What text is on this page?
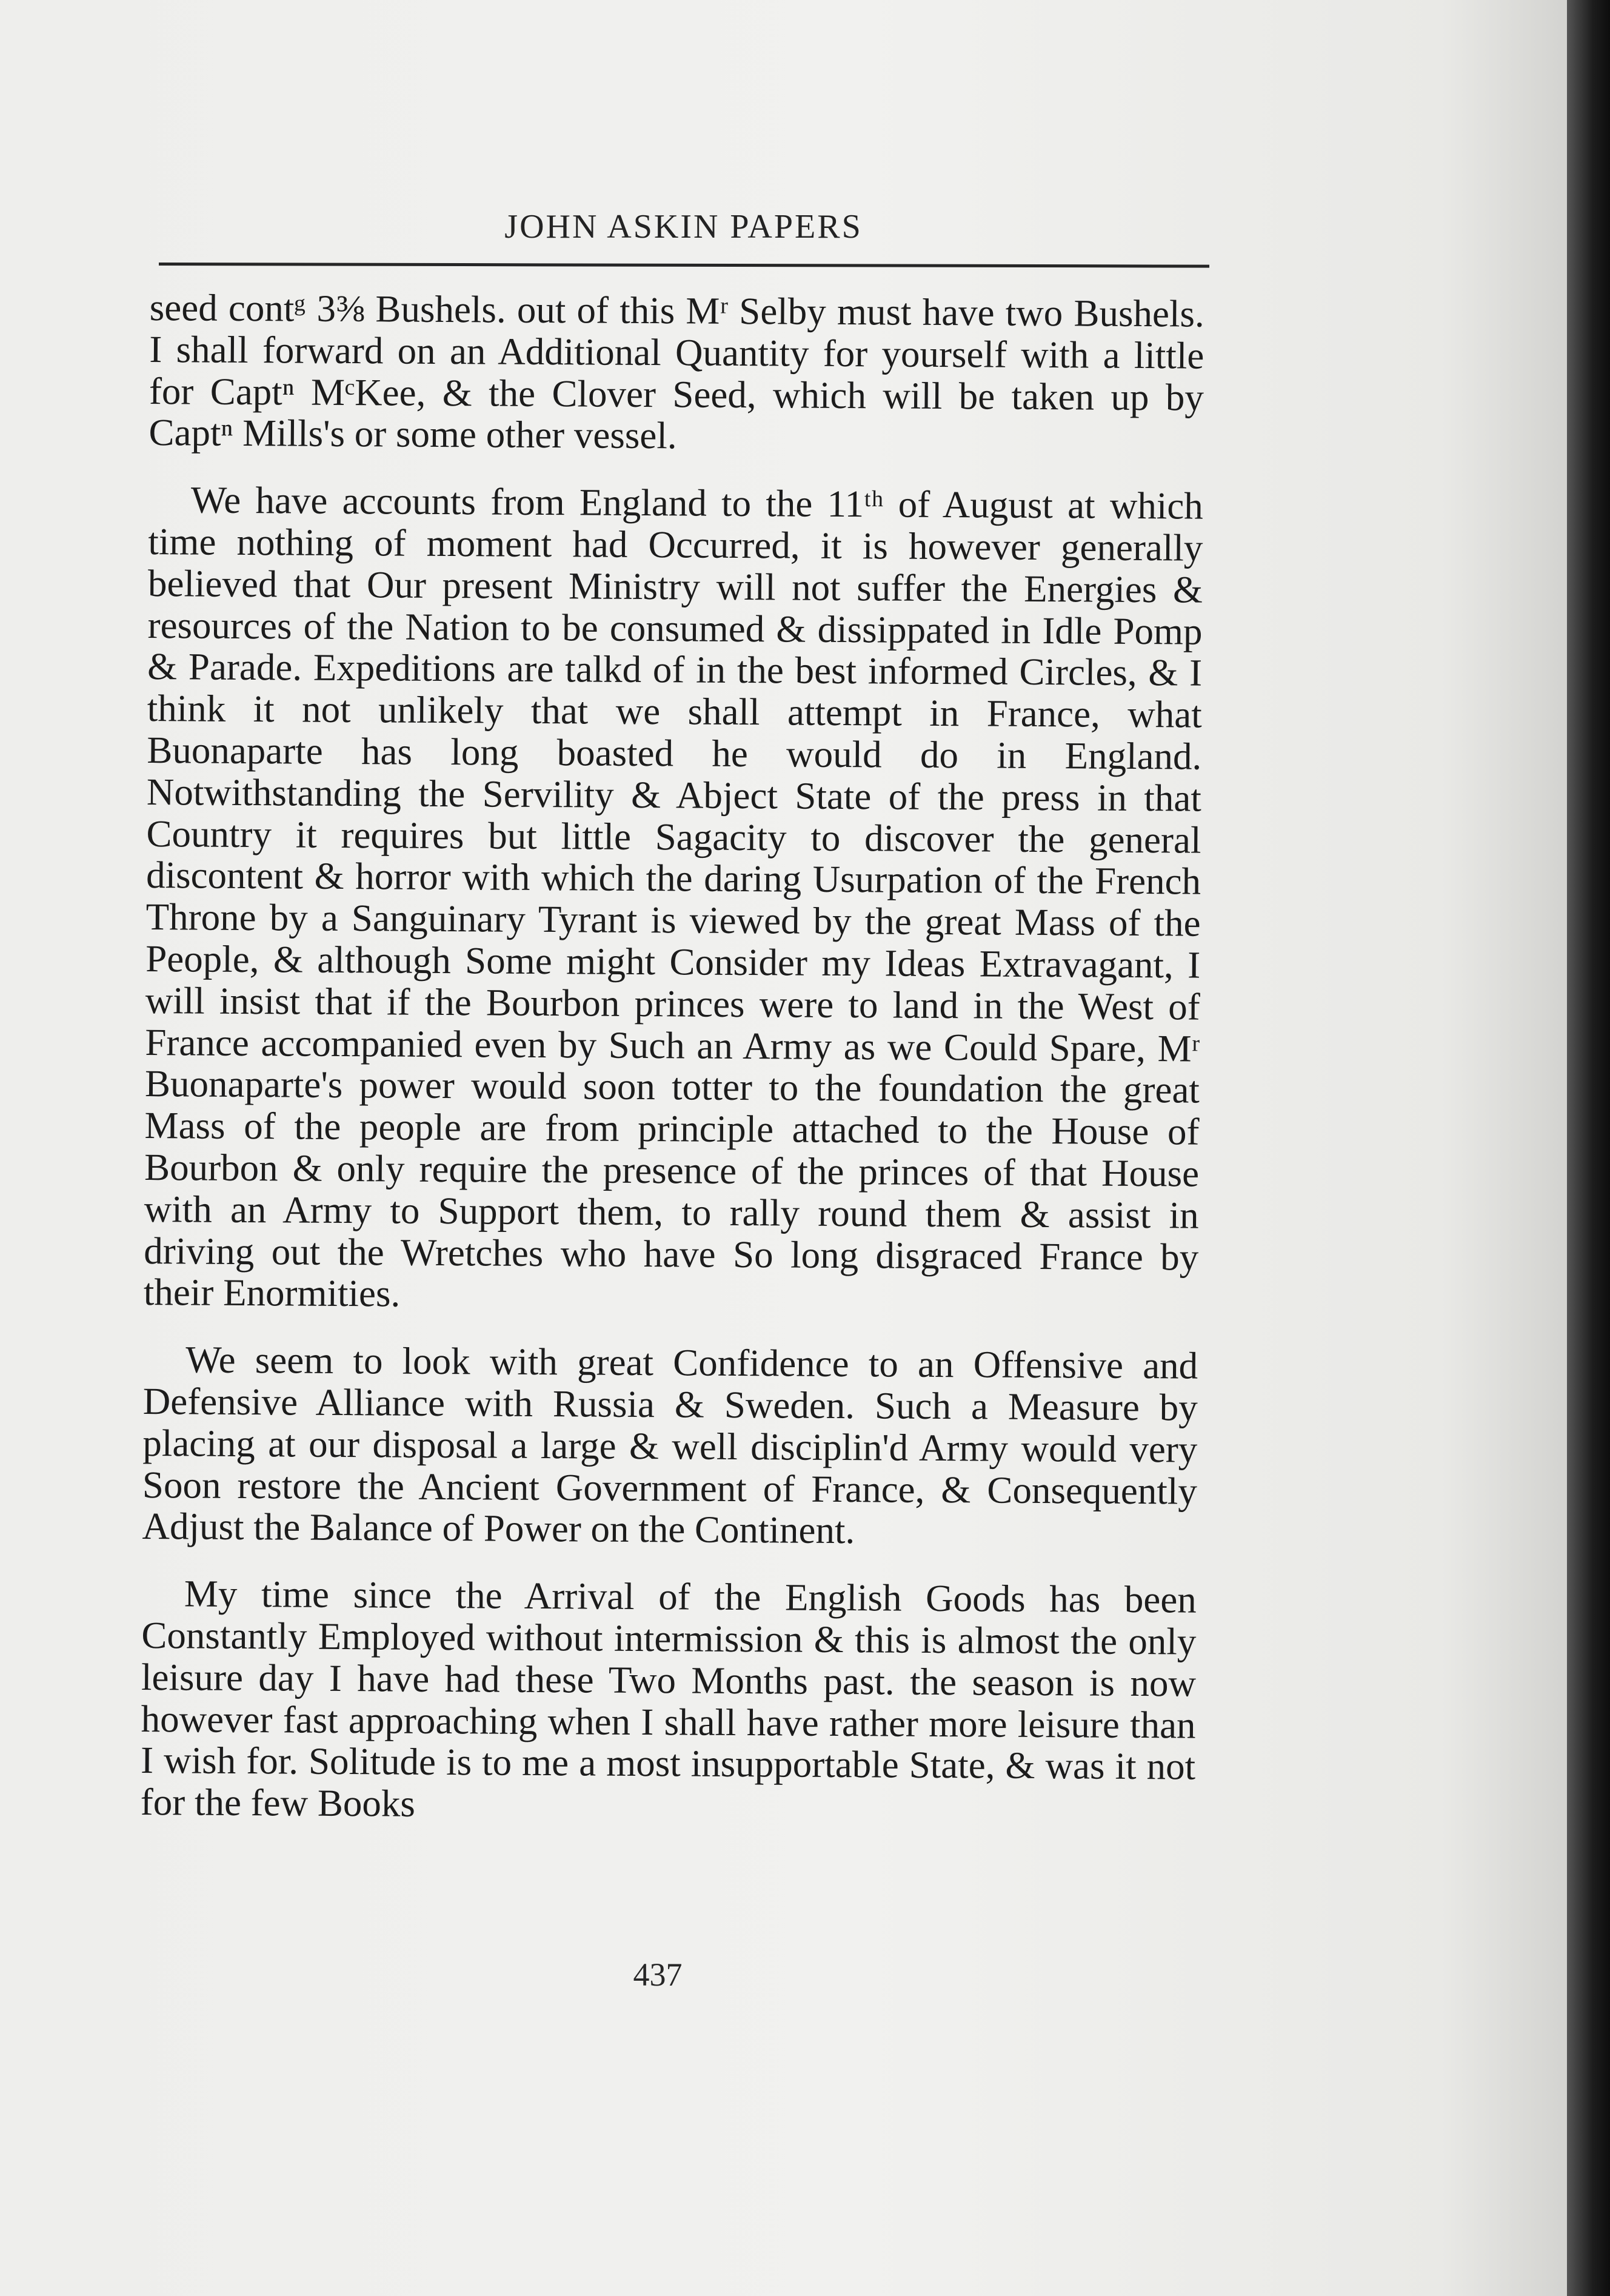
JOHN ASKIN PAPERS

seed contᵍ 3⅜ Bushels. out of this Mʳ Selby must have two Bushels. I shall forward on an Additional Quantity for yourself with a little for Captⁿ MᶜKee, & the Clover Seed, which will be taken up by Captⁿ Mills's or some other vessel.

We have accounts from England to the 11ᵗʰ of August at which time nothing of moment had Occurred, it is however generally believed that Our present Ministry will not suffer the Energies & resources of the Nation to be consumed & dissippated in Idle Pomp & Parade. Expeditions are talkd of in the best informed Circles, & I think it not unlikely that we shall attempt in France, what Buonaparte has long boasted he would do in England. Notwithstanding the Servility & Abject State of the press in that Country it requires but little Sagacity to discover the general discontent & horror with which the daring Usurpation of the French Throne by a Sanguinary Tyrant is viewed by the great Mass of the People, & although Some might Consider my Ideas Extravagant, I will insist that if the Bourbon princes were to land in the West of France accompanied even by Such an Army as we Could Spare, Mʳ Buonaparte's power would soon totter to the foundation the great Mass of the people are from principle attached to the House of Bourbon & only require the presence of the princes of that House with an Army to Support them, to rally round them & assist in driving out the Wretches who have So long disgraced France by their Enormities.

We seem to look with great Confidence to an Offensive and Defensive Alliance with Russia & Sweden. Such a Measure by placing at our disposal a large & well disciplin'd Army would very Soon restore the Ancient Government of France, & Consequently Adjust the Balance of Power on the Continent.

My time since the Arrival of the English Goods has been Constantly Employed without intermission & this is almost the only leisure day I have had these Two Months past. the season is now however fast approaching when I shall have rather more leisure than I wish for. Solitude is to me a most insupportable State, & was it not for the few Books

437
